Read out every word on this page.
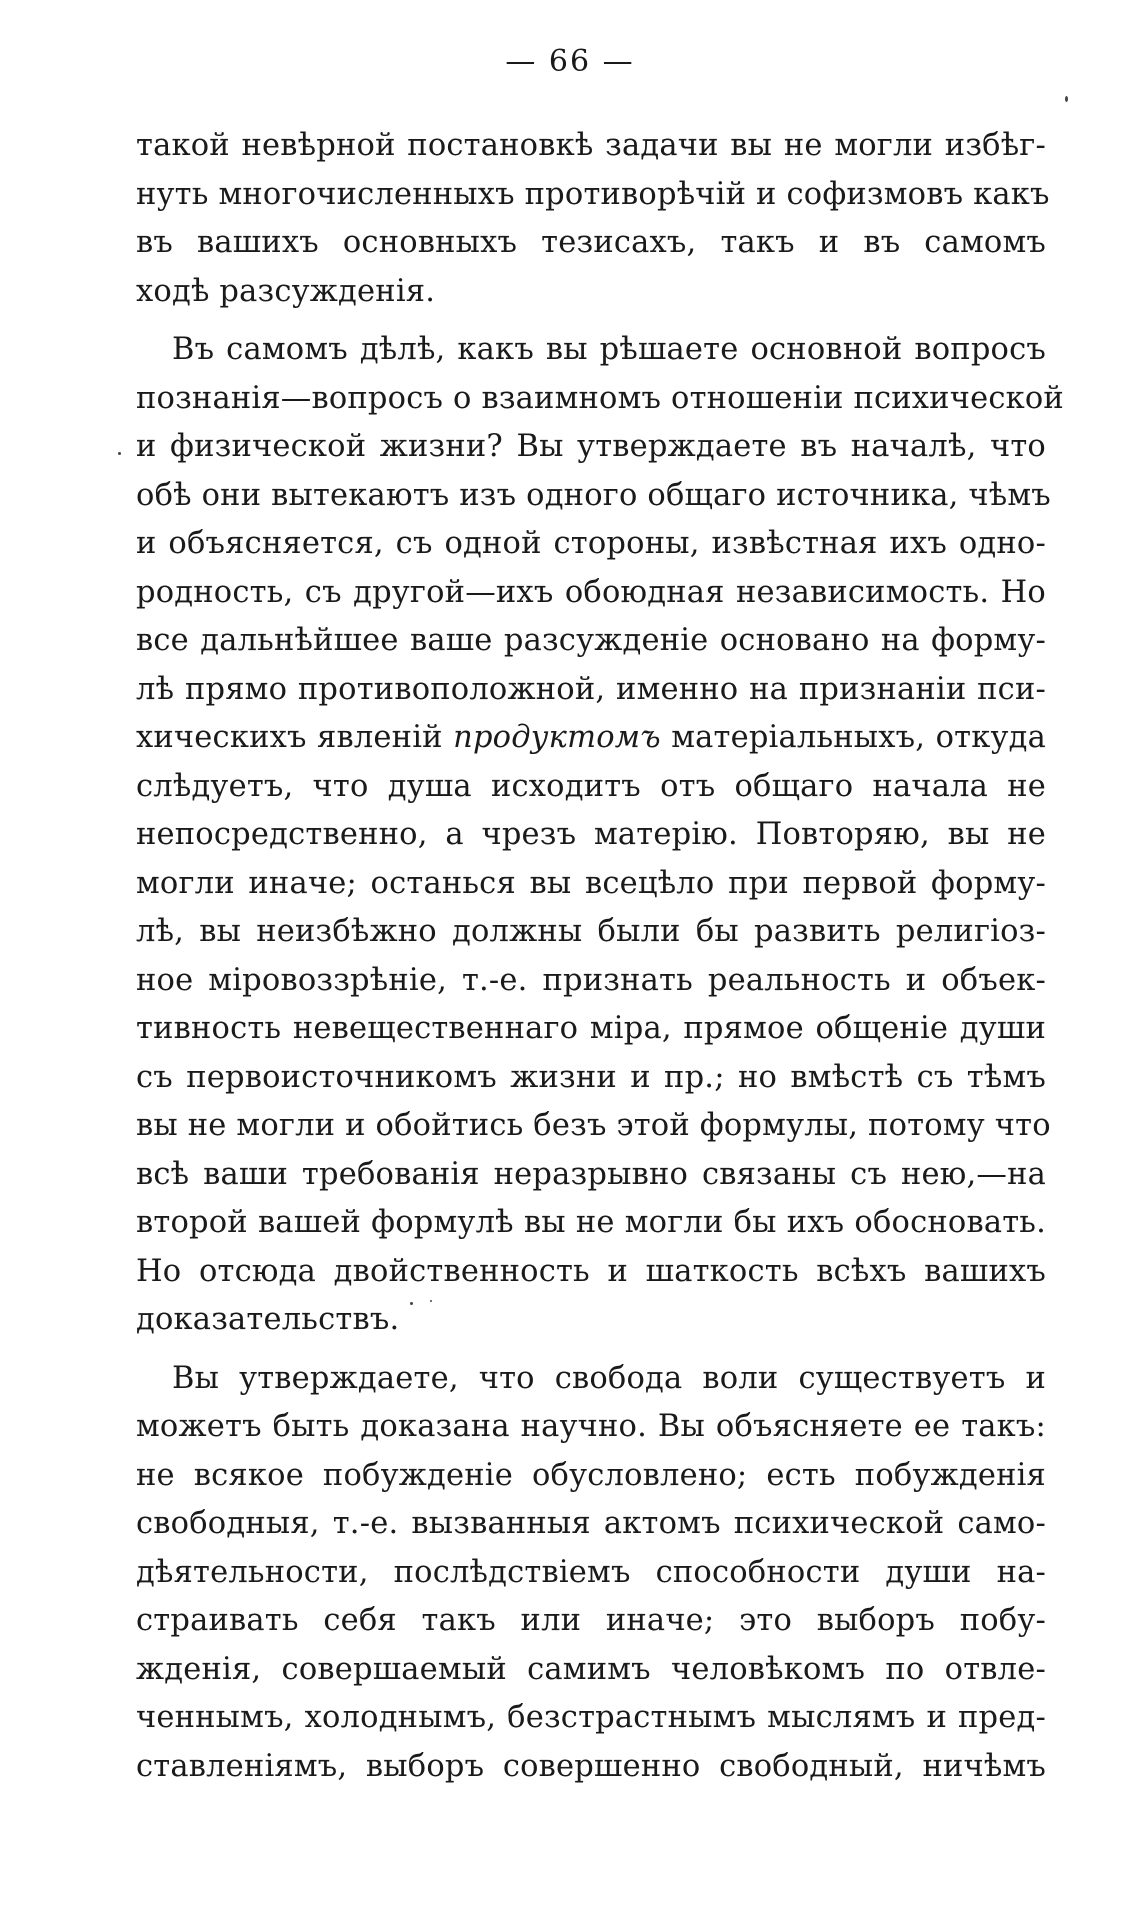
— 66 —
такой невѣрной постановкѣ задачи вы не могли избѣг-
нуть многочисленныхъ противорѣчій и софизмовъ какъ
въ вашихъ основныхъ тезисахъ, такъ и въ самомъ
ходѣ разсужденія.
Въ самомъ дѣлѣ, какъ вы рѣшаете основной вопросъ
познанія—вопросъ о взаимномъ отношеніи психической
и физической жизни? Вы утверждаете въ началѣ, что
обѣ они вытекаютъ изъ одного общаго источника, чѣмъ
и объясняется, съ одной стороны, извѣстная ихъ одно-
родность, съ другой—ихъ обоюдная независимость. Но
все дальнѣйшее ваше разсужденіе основано на форму-
лѣ прямо противоположной, именно на признаніи пси-
хическихъ явленій продуктомъ матеріальныхъ, откуда
слѣдуетъ, что душа исходитъ отъ общаго начала не
непосредственно, а чрезъ матерію. Повторяю, вы не
могли иначе; останься вы всецѣло при первой форму-
лѣ, вы неизбѣжно должны были бы развить религіоз-
ное міровоззрѣніе, т.-е. признать реальность и объек-
тивность невещественнаго міра, прямое общеніе души
съ первоисточникомъ жизни и пр.; но вмѣстѣ съ тѣмъ
вы не могли и обойтись безъ этой формулы, потому что
всѣ ваши требованія неразрывно связаны съ нею,—на
второй вашей формулѣ вы не могли бы ихъ обосновать.
Но отсюда двойственность и шаткость всѣхъ вашихъ
доказательствъ.
Вы утверждаете, что свобода воли существуетъ и
можетъ быть доказана научно. Вы объясняете ее такъ:
не всякое побужденіе обусловлено; есть побужденія
свободныя, т.-е. вызванныя актомъ психической само-
дѣятельности, послѣдствіемъ способности души на-
страивать себя такъ или иначе; это выборъ побу-
жденія, совершаемый самимъ человѣкомъ по отвле-
ченнымъ, холоднымъ, безстрастнымъ мыслямъ и пред-
ставленіямъ, выборъ совершенно свободный, ничѣмъ
